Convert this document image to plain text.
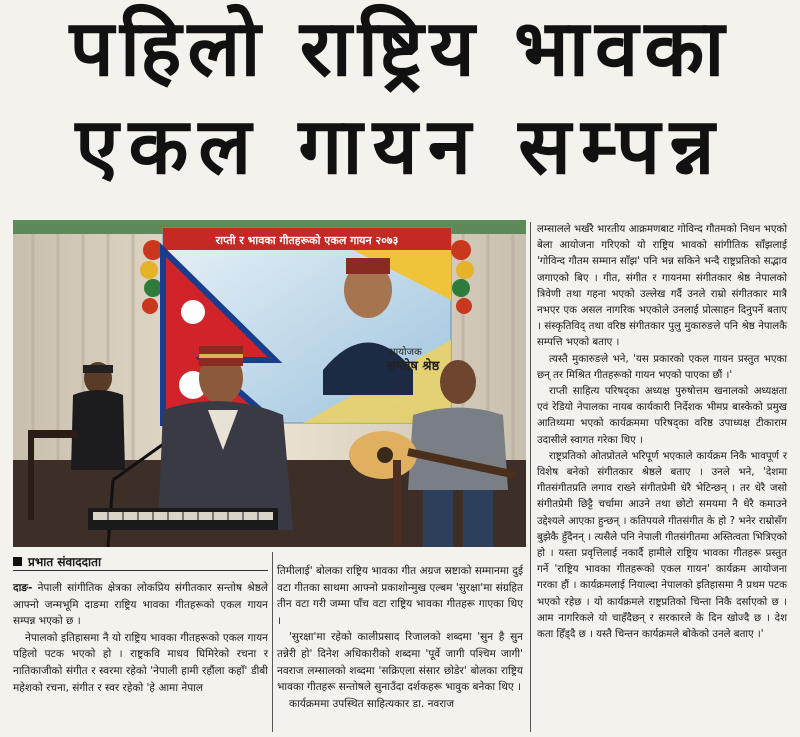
पहिलो राष्ट्रिय भावका
एकल गायन सम्पन्न
राप्ती र भावका गीतहरूको एकल गायन २०७३
आयोजक
सन्तोष श्रेष्ठ

लम्सालले भर्खरै भारतीय आक्रमणबाट गोविन्द गौतमको निधन भएको बेला आयोजना गरिएको यो राष्ट्रिय भावको सांगीतिक साँझलाई 'गोविन्द गौतम सम्मान साँझ' पनि भन्न सकिने भन्दै राष्ट्रप्रतिको सद्भाव जगाएको बिए । गीत, संगीत र गायनमा संगीतकार श्रेष्ठ नेपालको त्रिवेणी तथा गहना भएको उल्लेख गर्दै उनले राम्रो संगीतकार मात्रै नभएर एक असल नागरिक भएकोले उनलाई प्रोत्साहन दिनुपर्ने बताए । संस्कृतिविद् तथा वरिष्ठ संगीतकार पुलु मुकारुङले पनि श्रेष्ठ नेपालकै सम्पत्ति भएको बताए ।

त्यस्तै मुकारुङले भने, 'यस प्रकारको एकल गायन प्रस्तुत भएका छन् तर मिश्रित गीतहरूको गायन भएको पाएका छौं ।'

राप्ती साहित्य परिषद्का अध्यक्ष पुरुषोत्तम खनालको अध्यक्षता एवं रेडियो नेपालका नायब कार्यकारी निर्देशक भीमप्र बास्केको प्रमुख आतिथ्यमा भएको कार्यक्रममा परिषद्का वरिष्ठ उपाध्यक्ष टीकाराम उदासीले स्वागत गरेका थिए ।

राष्ट्रप्रतिको ओतप्रोतले भरिपूर्ण भएकाले कार्यक्रम निकै भावपूर्ण र विशेष बनेको संगीतकार श्रेष्ठले बताए । उनले भने, 'देशमा गीतसंगीतप्रति लगाव राख्ने संगीतप्रेमी धेरै भेटिन्छन् । तर धेरै जसो संगीतप्रेमी छिट्टै चर्चामा आउने तथा छोटो समयमा नै धेरै कमाउने उद्देश्यले आएका हुन्छन् । कतिपयले गीतसंगीत के हो ? भनेर राम्रोसँग बुझेकै हुँदैनन् । त्यसैले पनि नेपाली गीतसंगीतमा अस्तित्वता भित्रिएको हो । यस्ता प्रवृत्तिलाई नकार्दै हामीले राष्ट्रिय भावका गीतहरू प्रस्तुत गर्ने 'राष्ट्रिय भावका गीतहरूको एकल गायन' कार्यक्रम आयोजना गरका हौं । कार्यक्रमलाई नियाल्दा नेपालको इतिहासमा नै प्रथम पटक भएको रहेछ । यो कार्यक्रमले राष्ट्रप्रतिको चिन्ता निकै दर्साएको छ । आम नागरिकले यो चाहँदैछन् र सरकारले के दिन खोज्दै छ । देश कता हिँड्दै छ । यस्तै चिन्तन कार्यक्रमले बोकेको उनले बताए ।'

प्रभात संवाददाता

दाङ- नेपाली सांगीतिक क्षेत्रका लोकप्रिय संगीतकार सन्तोष श्रेष्ठले आफ्नो जन्मभूमि दाङमा राष्ट्रिय भावका गीतहरूको एकल गायन सम्पन्न भएको छ ।

नेपालको इतिहासमा नै यो राष्ट्रिय भावका गीतहरूको एकल गायन पहिलो पटक भएको हो । राष्ट्रकवि माधव घिमिरेको रचना र नातिकाजीको संगीत र स्वरमा रहेको 'नेपाली हामी रहौंला कहाँ' डीबी महेशको रचना, संगीत र स्वर रहेको 'हे आमा नेपाल

तिमीलाई' बोलका राष्ट्रिय भावका गीत अग्रज स्रष्टाको सम्मानमा दुई वटा गीतका साथमा आफ्नो प्रकाशोन्मुख एल्बम 'सुरक्षा'मा संग्रहित तीन वटा गरी जम्मा पाँच वटा राष्ट्रिय भावका गीतहरू गाएका थिए ।

'सुरक्षा'मा रहेको कालीप्रसाद रिजालको शब्दमा 'सुन है सुन तन्नेरी हो' दिनेश अधिकारीको शब्दमा 'पूर्वे जागी पश्चिम जागी' नवराज लम्सालको शब्दमा 'सक्रिएला संसार छोडेर' बोलका राष्ट्रिय भावका गीतहरू सन्तोषले सुनाउँदा दर्शकहरू भावुक बनेका थिए ।

कार्यक्रममा उपस्थित साहित्यकार डा. नवराज
